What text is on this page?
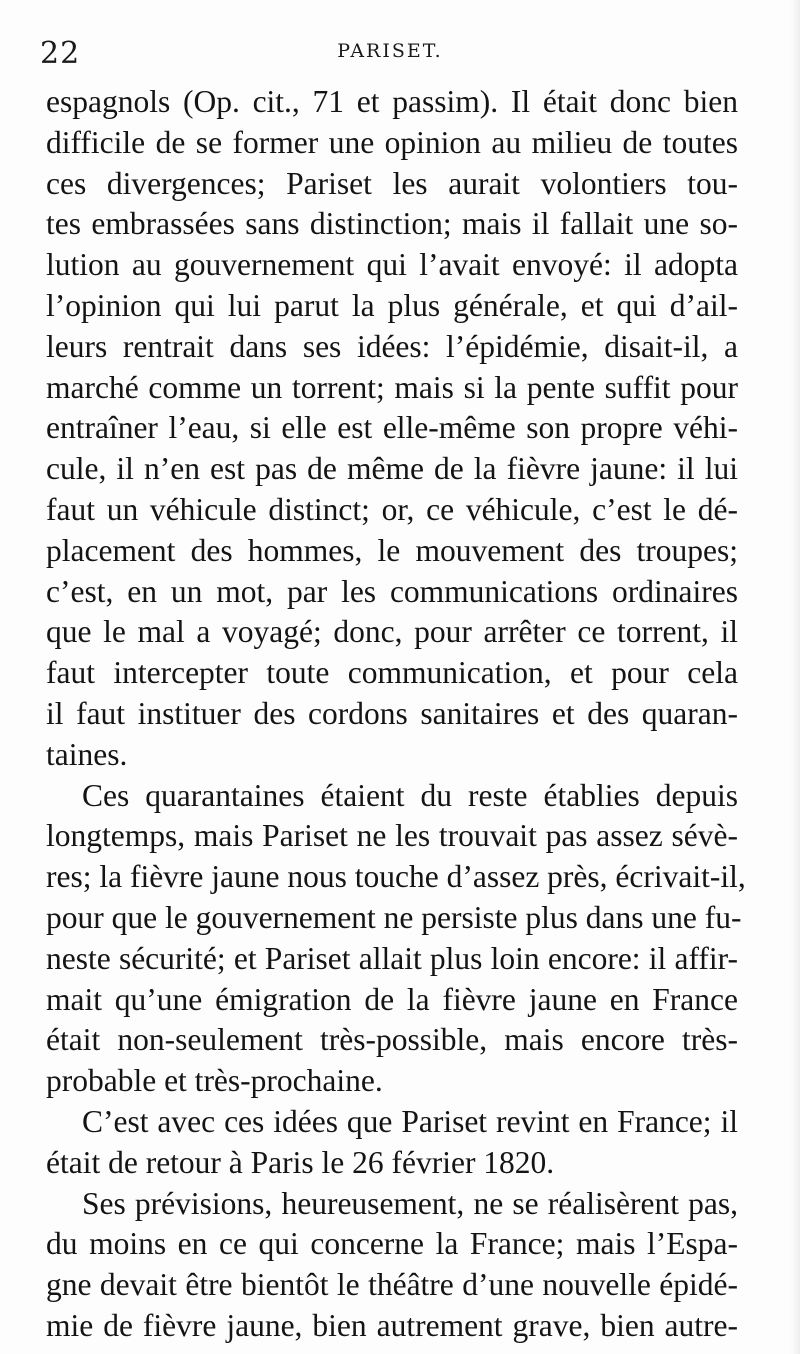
22	PARISET.
espagnols (Op. cit., 71 et passim). Il était donc bien
difficile de se former une opinion au milieu de toutes
ces divergences; Pariset les aurait volontiers tou-
tes embrassées sans distinction; mais il fallait une so-
lution au gouvernement qui l’avait envoyé: il adopta
l’opinion qui lui parut la plus générale, et qui d’ail-
leurs rentrait dans ses idées: l’épidémie, disait-il, a
marché comme un torrent; mais si la pente suffit pour
entraîner l’eau, si elle est elle-même son propre véhi-
cule, il n’en est pas de même de la fièvre jaune: il lui
faut un véhicule distinct; or, ce véhicule, c’est le dé-
placement des hommes, le mouvement des troupes;
c’est, en un mot, par les communications ordinaires
que le mal a voyagé; donc, pour arrêter ce torrent, il
faut intercepter toute communication, et pour cela
il faut instituer des cordons sanitaires et des quaran-
taines.
Ces quarantaines étaient du reste établies depuis
longtemps, mais Pariset ne les trouvait pas assez sévè-
res; la fièvre jaune nous touche d’assez près, écrivait-il,
pour que le gouvernement ne persiste plus dans une fu-
neste sécurité; et Pariset allait plus loin encore: il affir-
mait qu’une émigration de la fièvre jaune en France
était non-seulement très-possible, mais encore très-
probable et très-prochaine.
C’est avec ces idées que Pariset revint en France; il
était de retour à Paris le 26 février 1820.
Ses prévisions, heureusement, ne se réalisèrent pas,
du moins en ce qui concerne la France; mais l’Espa-
gne devait être bientôt le théâtre d’une nouvelle épidé-
mie de fièvre jaune, bien autrement grave, bien autre-
